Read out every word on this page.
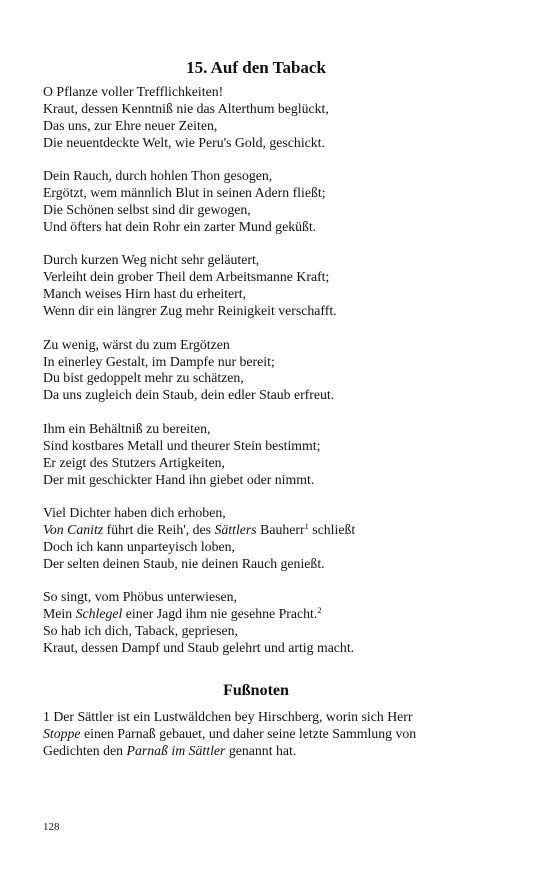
15. Auf den Taback

O Pflanze voller Trefflichkeiten!
Kraut, dessen Kenntniß nie das Alterthum beglückt,
Das uns, zur Ehre neuer Zeiten,
Die neuentdeckte Welt, wie Peru's Gold, geschickt.

Dein Rauch, durch hohlen Thon gesogen,
Ergötzt, wem männlich Blut in seinen Adern fließt;
Die Schönen selbst sind dir gewogen,
Und öfters hat dein Rohr ein zarter Mund geküßt.

Durch kurzen Weg nicht sehr geläutert,
Verleiht dein grober Theil dem Arbeitsmanne Kraft;
Manch weises Hirn hast du erheitert,
Wenn dir ein längrer Zug mehr Reinigkeit verschafft.

Zu wenig, wärst du zum Ergötzen
In einerley Gestalt, im Dampfe nur bereit;
Du bist gedoppelt mehr zu schätzen,
Da uns zugleich dein Staub, dein edler Staub erfreut.

Ihm ein Behältniß zu bereiten,
Sind kostbares Metall und theurer Stein bestimmt;
Er zeigt des Stutzers Artigkeiten,
Der mit geschickter Hand ihn giebet oder nimmt.

Viel Dichter haben dich erhoben,
Von Canitz führt die Reih', des Sättlers Bauherr$^1$ schließt
Doch ich kann unparteyisch loben,
Der selten deinen Staub, nie deinen Rauch genießt.

So singt, vom Phöbus unterwiesen,
Mein Schlegel einer Jagd ihm nie gesehne Pracht.$^2$
So hab ich dich, Taback, gepriesen,
Kraut, dessen Dampf und Staub gelehrt und artig macht.

Fußnoten
1 Der Sättler ist ein Lustwäldchen bey Hirschberg, worin sich Herr
Stoppe einen Parnaß gebauet, und daher seine letzte Sammlung von
Gedichten den Parnaß im Sättler genannt hat.
128
